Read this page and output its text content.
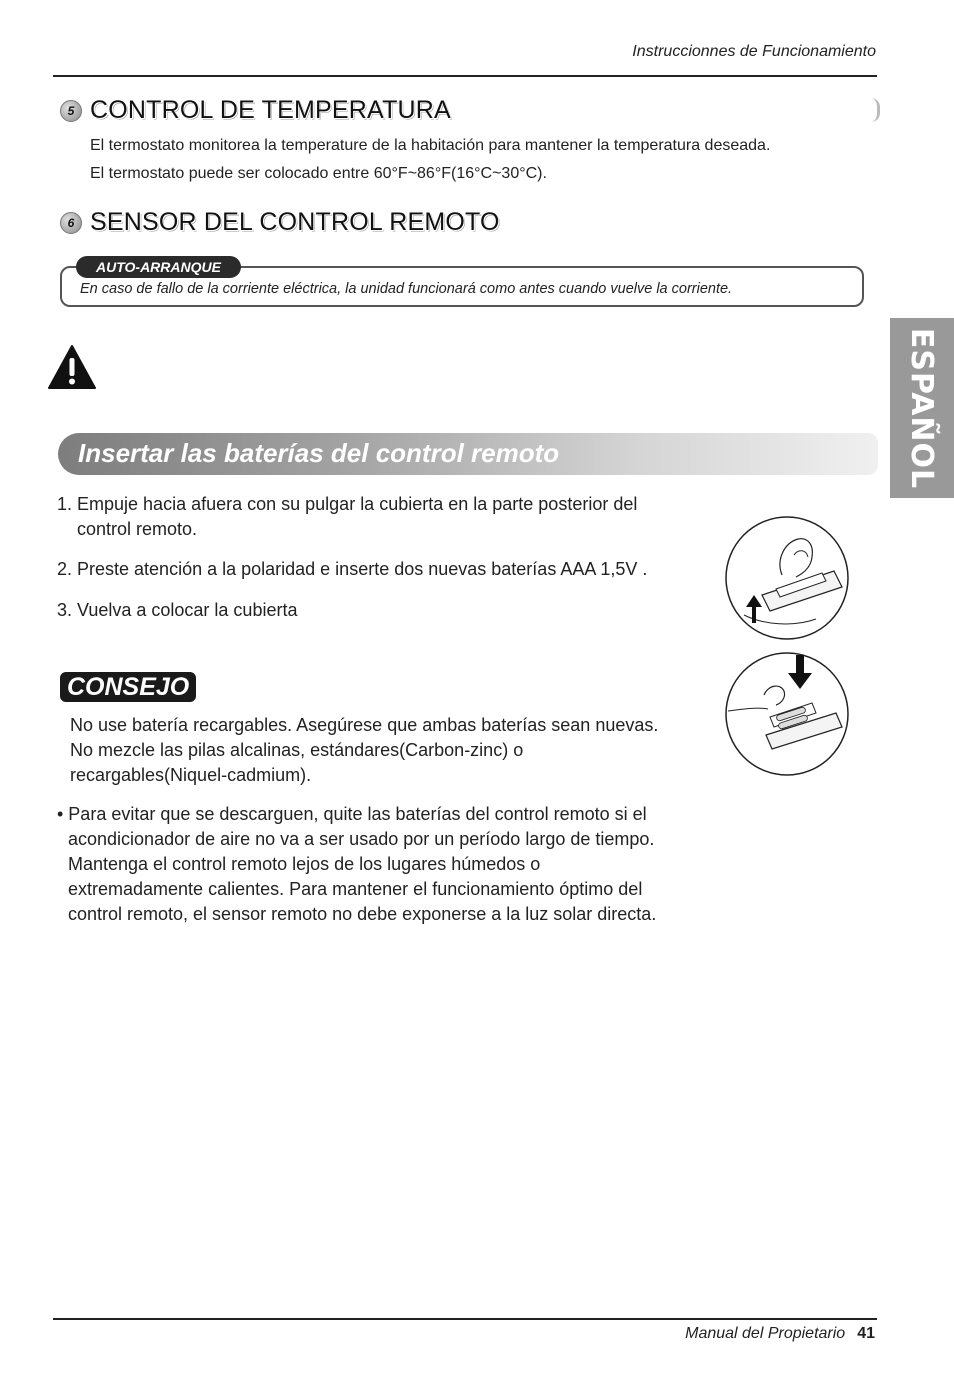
Instruccionnes de Funcionamiento
5 CONTROL DE TEMPERATURA
El termostato monitorea la temperature de la habitación para mantener la temperatura deseada.
El termostato puede ser colocado entre 60°F~86°F(16°C~30°C).
6 SENSOR DEL CONTROL REMOTO
AUTO-ARRANQUE
En caso de fallo de la corriente eléctrica, la unidad funcionará como antes cuando vuelve la corriente.
Insertar las baterías del control remoto	ESPAÑOL
1. Empuje hacia afuera con su pulgar la cubierta en la parte posterior del
control remoto.
2. Preste atención a la polaridad e inserte dos nuevas baterías AAA 1,5V .
3. Vuelva a colocar la cubierta
CONSEJO
No use batería recargables. Asegúrese que ambas baterías sean nuevas.
No mezcle las pilas alcalinas, estándares(Carbon-zinc) o
recargables(Niquel-cadmium).
• Para evitar que se descarguen, quite las baterías del control remoto si el
acondicionador de aire no va a ser usado por un período largo de tiempo.
Mantenga el control remoto lejos de los lugares húmedos o
extremadamente calientes. Para mantener el funcionamiento óptimo del
control remoto, el sensor remoto no debe exponerse a la luz solar directa.
Manual del Propietario 41
